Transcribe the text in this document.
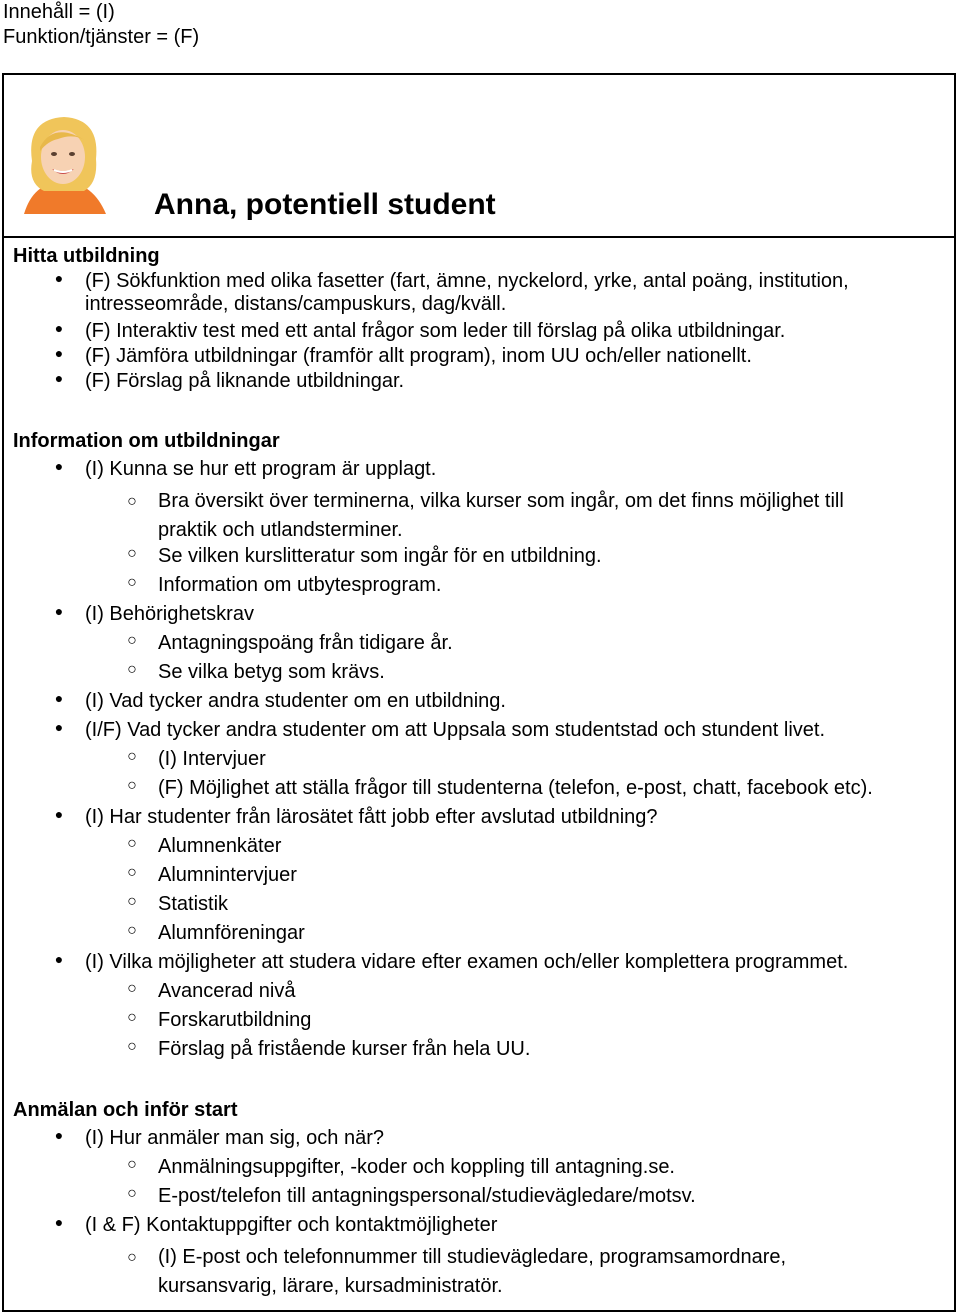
Innehåll = (I)
Funktion/tjänster = (F)
Anna, potentiell student
Hitta utbildning
● (F) Sökfunktion med olika fasetter (fart, ämne, nyckelord, yrke, antal poäng, institution,
intresseområde, distans/campuskurs, dag/kväll.
● (F) Interaktiv test med ett antal frågor som leder till förslag på olika utbildningar.
● (F) Jämföra utbildningar (framför allt program), inom UU och/eller nationellt.
● (F) Förslag på liknande utbildningar.
Information om utbildningar
● (I) Kunna se hur ett program är upplagt.
○ Bra översikt över terminerna, vilka kurser som ingår, om det finns möjlighet till
praktik och utlandsterminer.
○ Se vilken kurslitteratur som ingår för en utbildning.
○ Information om utbytesprogram.
● (I) Behörighetskrav
○ Antagningspoäng från tidigare år.
○ Se vilka betyg som krävs.
● (I) Vad tycker andra studenter om en utbildning.
● (I/F) Vad tycker andra studenter om att Uppsala som studentstad och stundent livet.
○ (I) Intervjuer
○ (F) Möjlighet att ställa frågor till studenterna (telefon, e-post, chatt, facebook etc).
● (I) Har studenter från lärosätet fått jobb efter avslutad utbildning?
○ Alumnenkäter
○ Alumnintervjuer
○ Statistik
○ Alumnföreningar
● (I) Vilka möjligheter att studera vidare efter examen och/eller komplettera programmet.
○ Avancerad nivå
○ Forskarutbildning
○ Förslag på fristående kurser från hela UU.
Anmälan och inför start
● (I) Hur anmäler man sig, och när?
○ Anmälningsuppgifter, -koder och koppling till antagning.se.
○ E-post/telefon till antagningspersonal/studievägledare/motsv.
● (I & F) Kontaktuppgifter och kontaktmöjligheter
○ (I) E-post och telefonnummer till studievägledare, programsamordnare,
kursansvarig, lärare, kursadministratör.
